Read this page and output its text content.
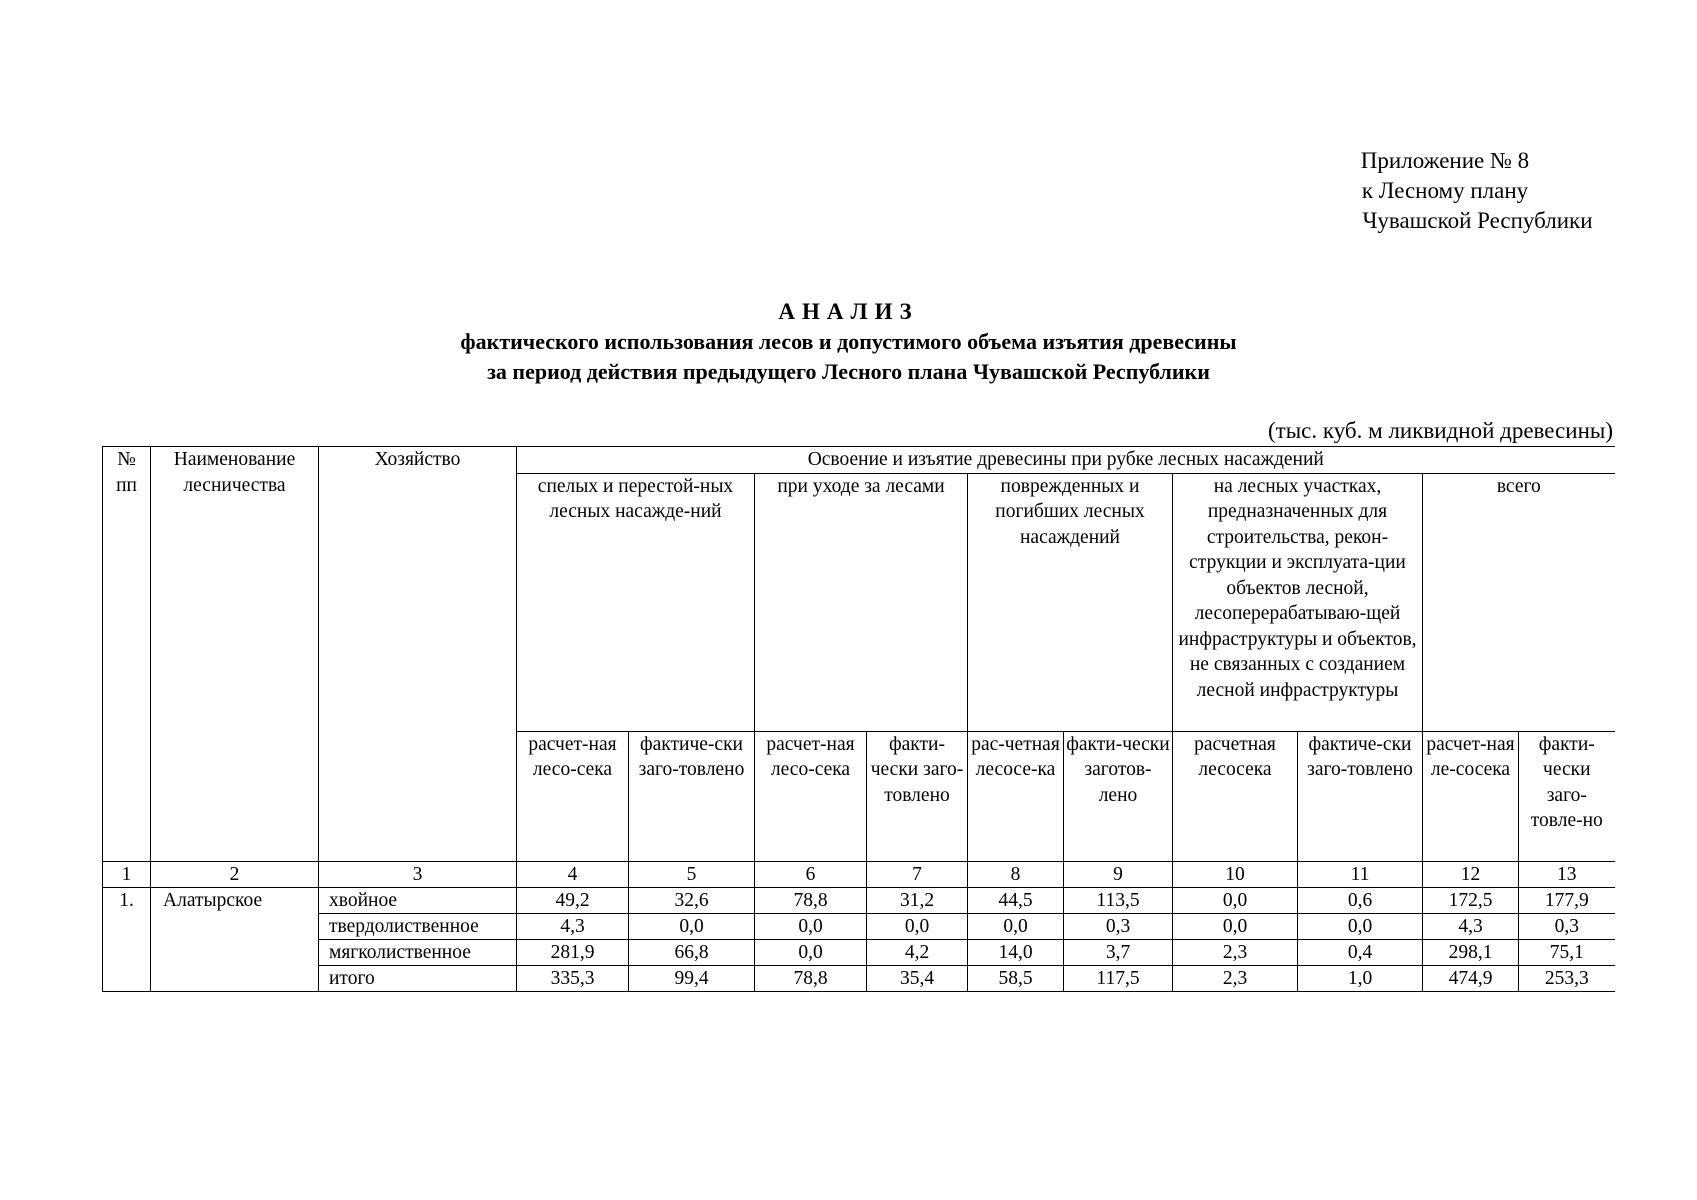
Приложение № 8
к Лесному плану
Чувашской Республики
АНАЛИЗ
фактического использования лесов и допустимого объема изъятия древесины
за период действия предыдущего Лесного плана Чувашской Республики
(тыс. куб. м ликвидной древесины)
№ пп	Наименование лесничества	Хозяйство	Освоение и изъятие древесины при рубке лесных насаждений									
			спелых и перестой-ных лесных насажде-ний		при уходе за лесами		поврежденных и погибших лесных насаждений		на лесных участках, предназначенных для строительства, рекон-струкции и эксплуата-ции объектов лесной, лесоперерабатываю-щей инфраструктуры и объектов, не связанных с созданием лесной инфраструктуры		всего	
			расчет-ная лесо-сека	фактиче-ски заго-товлено	расчет-ная лесо-сека	факти-чески заго-товлено	рас-четная лесосе-ка	факти-чески заготов-лено	расчетная лесосека	фактиче-ски заго-товлено	расчет-ная ле-сосека	факти-чески заго-товле-но
1	2	3	4	5	6	7	8	9	10	11	12	13
1.	Алатырское	хвойное	49,2	32,6	78,8	31,2	44,5	113,5	0,0	0,6	172,5	177,9
		твердолиственное	4,3	0,0	0,0	0,0	0,0	0,3	0,0	0,0	4,3	0,3
		мягколиственное	281,9	66,8	0,0	4,2	14,0	3,7	2,3	0,4	298,1	75,1
		итого	335,3	99,4	78,8	35,4	58,5	117,5	2,3	1,0	474,9	253,3
